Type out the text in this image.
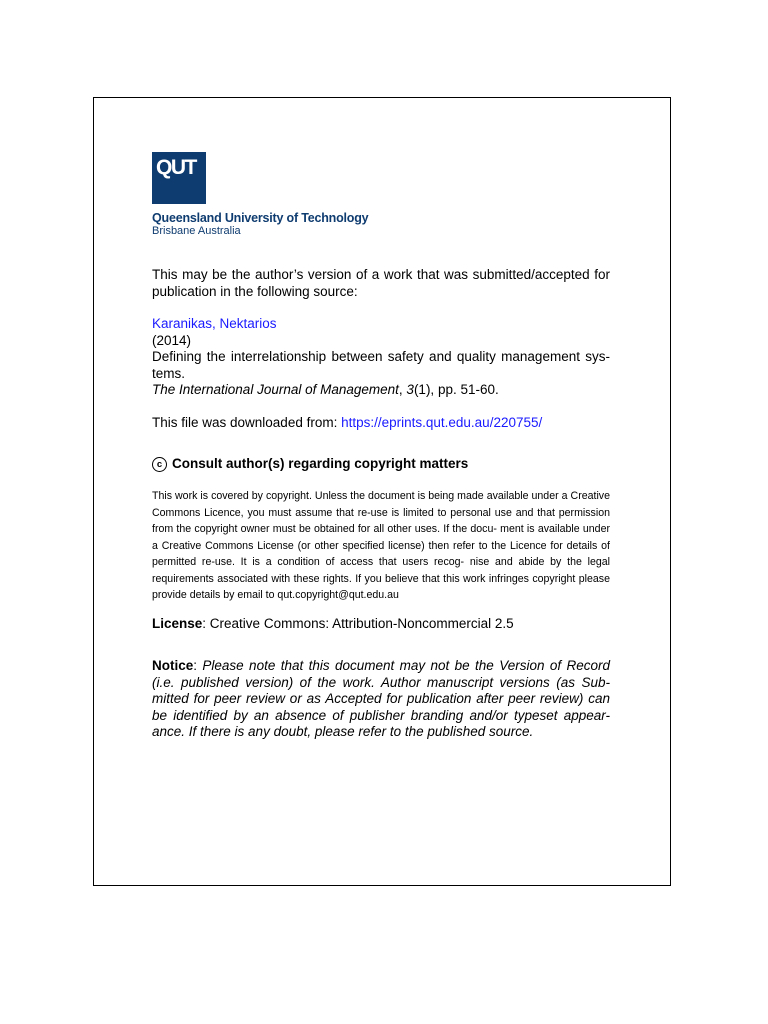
QUT
Queensland University of Technology
Brisbane Australia
This may be the author’s version of a work that was submitted/accepted for publication in the following source:
Karanikas, Nektarios
(2014)
Defining the interrelationship between safety and quality management sys- tems.
The International Journal of Management, 3(1), pp. 51-60.
This file was downloaded from: https://eprints.qut.edu.au/220755/
c Consult author(s) regarding copyright matters
This work is covered by copyright. Unless the document is being made available under a Creative Commons Licence, you must assume that re-use is limited to personal use and that permission from the copyright owner must be obtained for all other uses. If the docu- ment is available under a Creative Commons License (or other specified license) then refer to the Licence for details of permitted re-use. It is a condition of access that users recog- nise and abide by the legal requirements associated with these rights. If you believe that this work infringes copyright please provide details by email to qut.copyright@qut.edu.au
License: Creative Commons: Attribution-Noncommercial 2.5
Notice: Please note that this document may not be the Version of Record (i.e. published version) of the work. Author manuscript versions (as Sub- mitted for peer review or as Accepted for publication after peer review) can be identified by an absence of publisher branding and/or typeset appear- ance. If there is any doubt, please refer to the published source.
